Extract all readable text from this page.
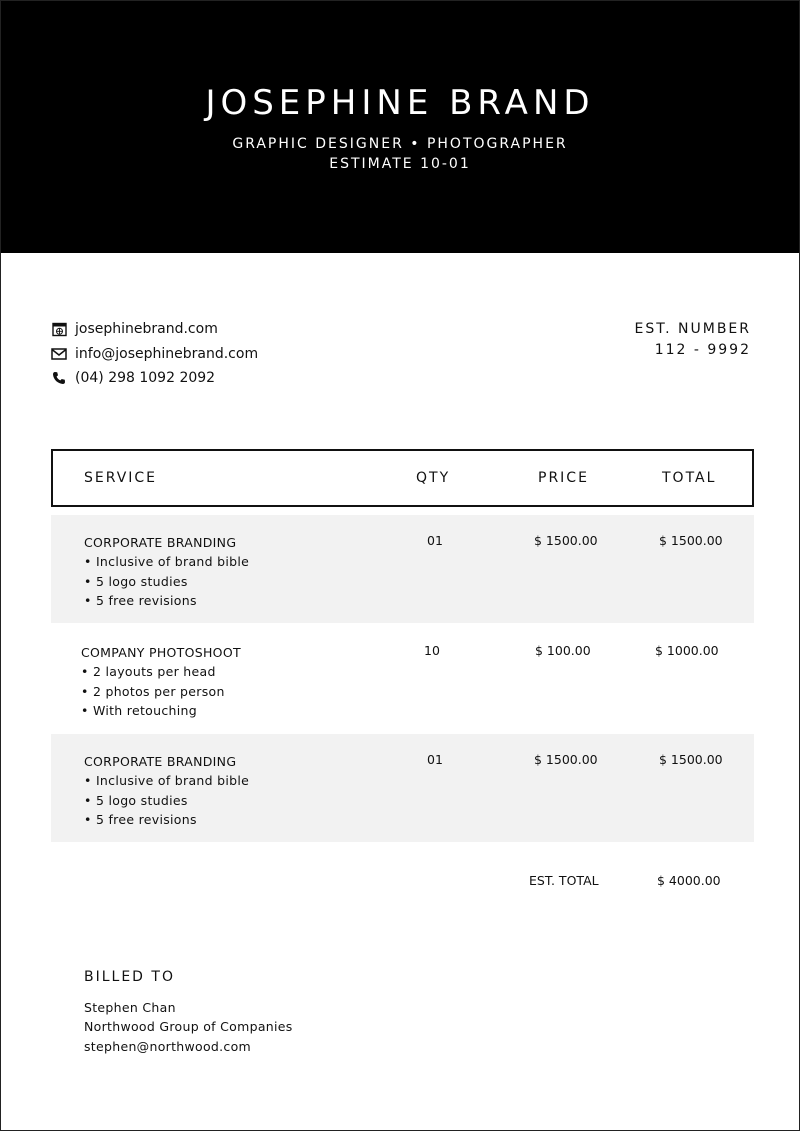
JOSEPHINE BRAND
GRAPHIC DESIGNER • PHOTOGRAPHER
ESTIMATE 10-01
josephinebrand.com
info@josephinebrand.com
(04) 298 1092 2092
EST. NUMBER
112 - 9992
SERVICE	QTY	PRICE	TOTAL
CORPORATE BRANDING
• Inclusive of brand bible
• 5 logo studies
• 5 free revisions
01	$ 1500.00	$ 1500.00
COMPANY PHOTOSHOOT
• 2 layouts per head
• 2 photos per person
• With retouching
10	$ 100.00	$ 1000.00
CORPORATE BRANDING
• Inclusive of brand bible
• 5 logo studies
• 5 free revisions
01	$ 1500.00	$ 1500.00
EST. TOTAL	$ 4000.00
BILLED TO
Stephen Chan
Northwood Group of Companies
stephen@northwood.com
